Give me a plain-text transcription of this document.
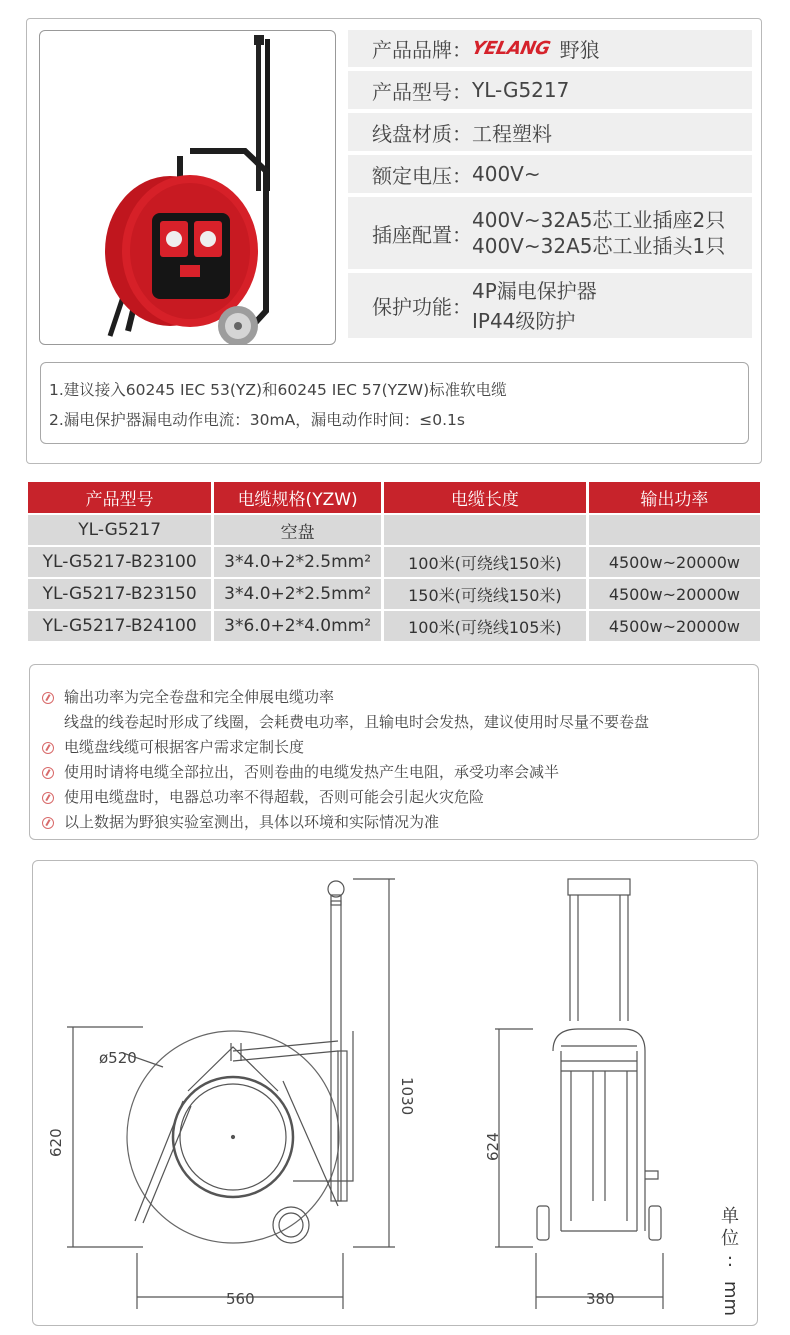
产品品牌：
YELANG 野狼
产品型号： YL-G5217
线盘材质： 工程塑料
额定电压： 400V~
插座配置：
400V~32A5芯工业插座2只
400V~32A5芯工业插头1只
保护功能：
4P漏电保护器
IP44级防护
1.建议接入60245 IEC 53(YZ)和60245 IEC 57(YZW)标准软电缆
2.漏电保护器漏电动作电流：30mA，漏电动作时间：≤0.1s
产品型号	电缆规格(YZW)	电缆长度	输出功率
YL-G5217	空盘		
YL-G5217-B23100	3*4.0+2*2.5mm²	100米(可绕线150米)	4500w~20000w
YL-G5217-B23150	3*4.0+2*2.5mm²	150米(可绕线150米)	4500w~20000w
YL-G5217-B24100	3*6.0+2*4.0mm²	100米(可绕线105米)	4500w~20000w
输出功率为完全卷盘和完全伸展电缆功率
线盘的线卷起时形成了线圈，会耗费电功率，且输电时会发热，建议使用时尽量不要卷盘
电缆盘线缆可根据客户需求定制长度
使用时请将电缆全部拉出，否则卷曲的电缆发热产生电阻，承受功率会减半
使用电缆盘时，电器总功率不得超载，否则可能会引起火灾危险
以上数据为野狼实验室测出，具体以环境和实际情况为准
ø520
620
1030
560
624
380
单
位
:
mm
